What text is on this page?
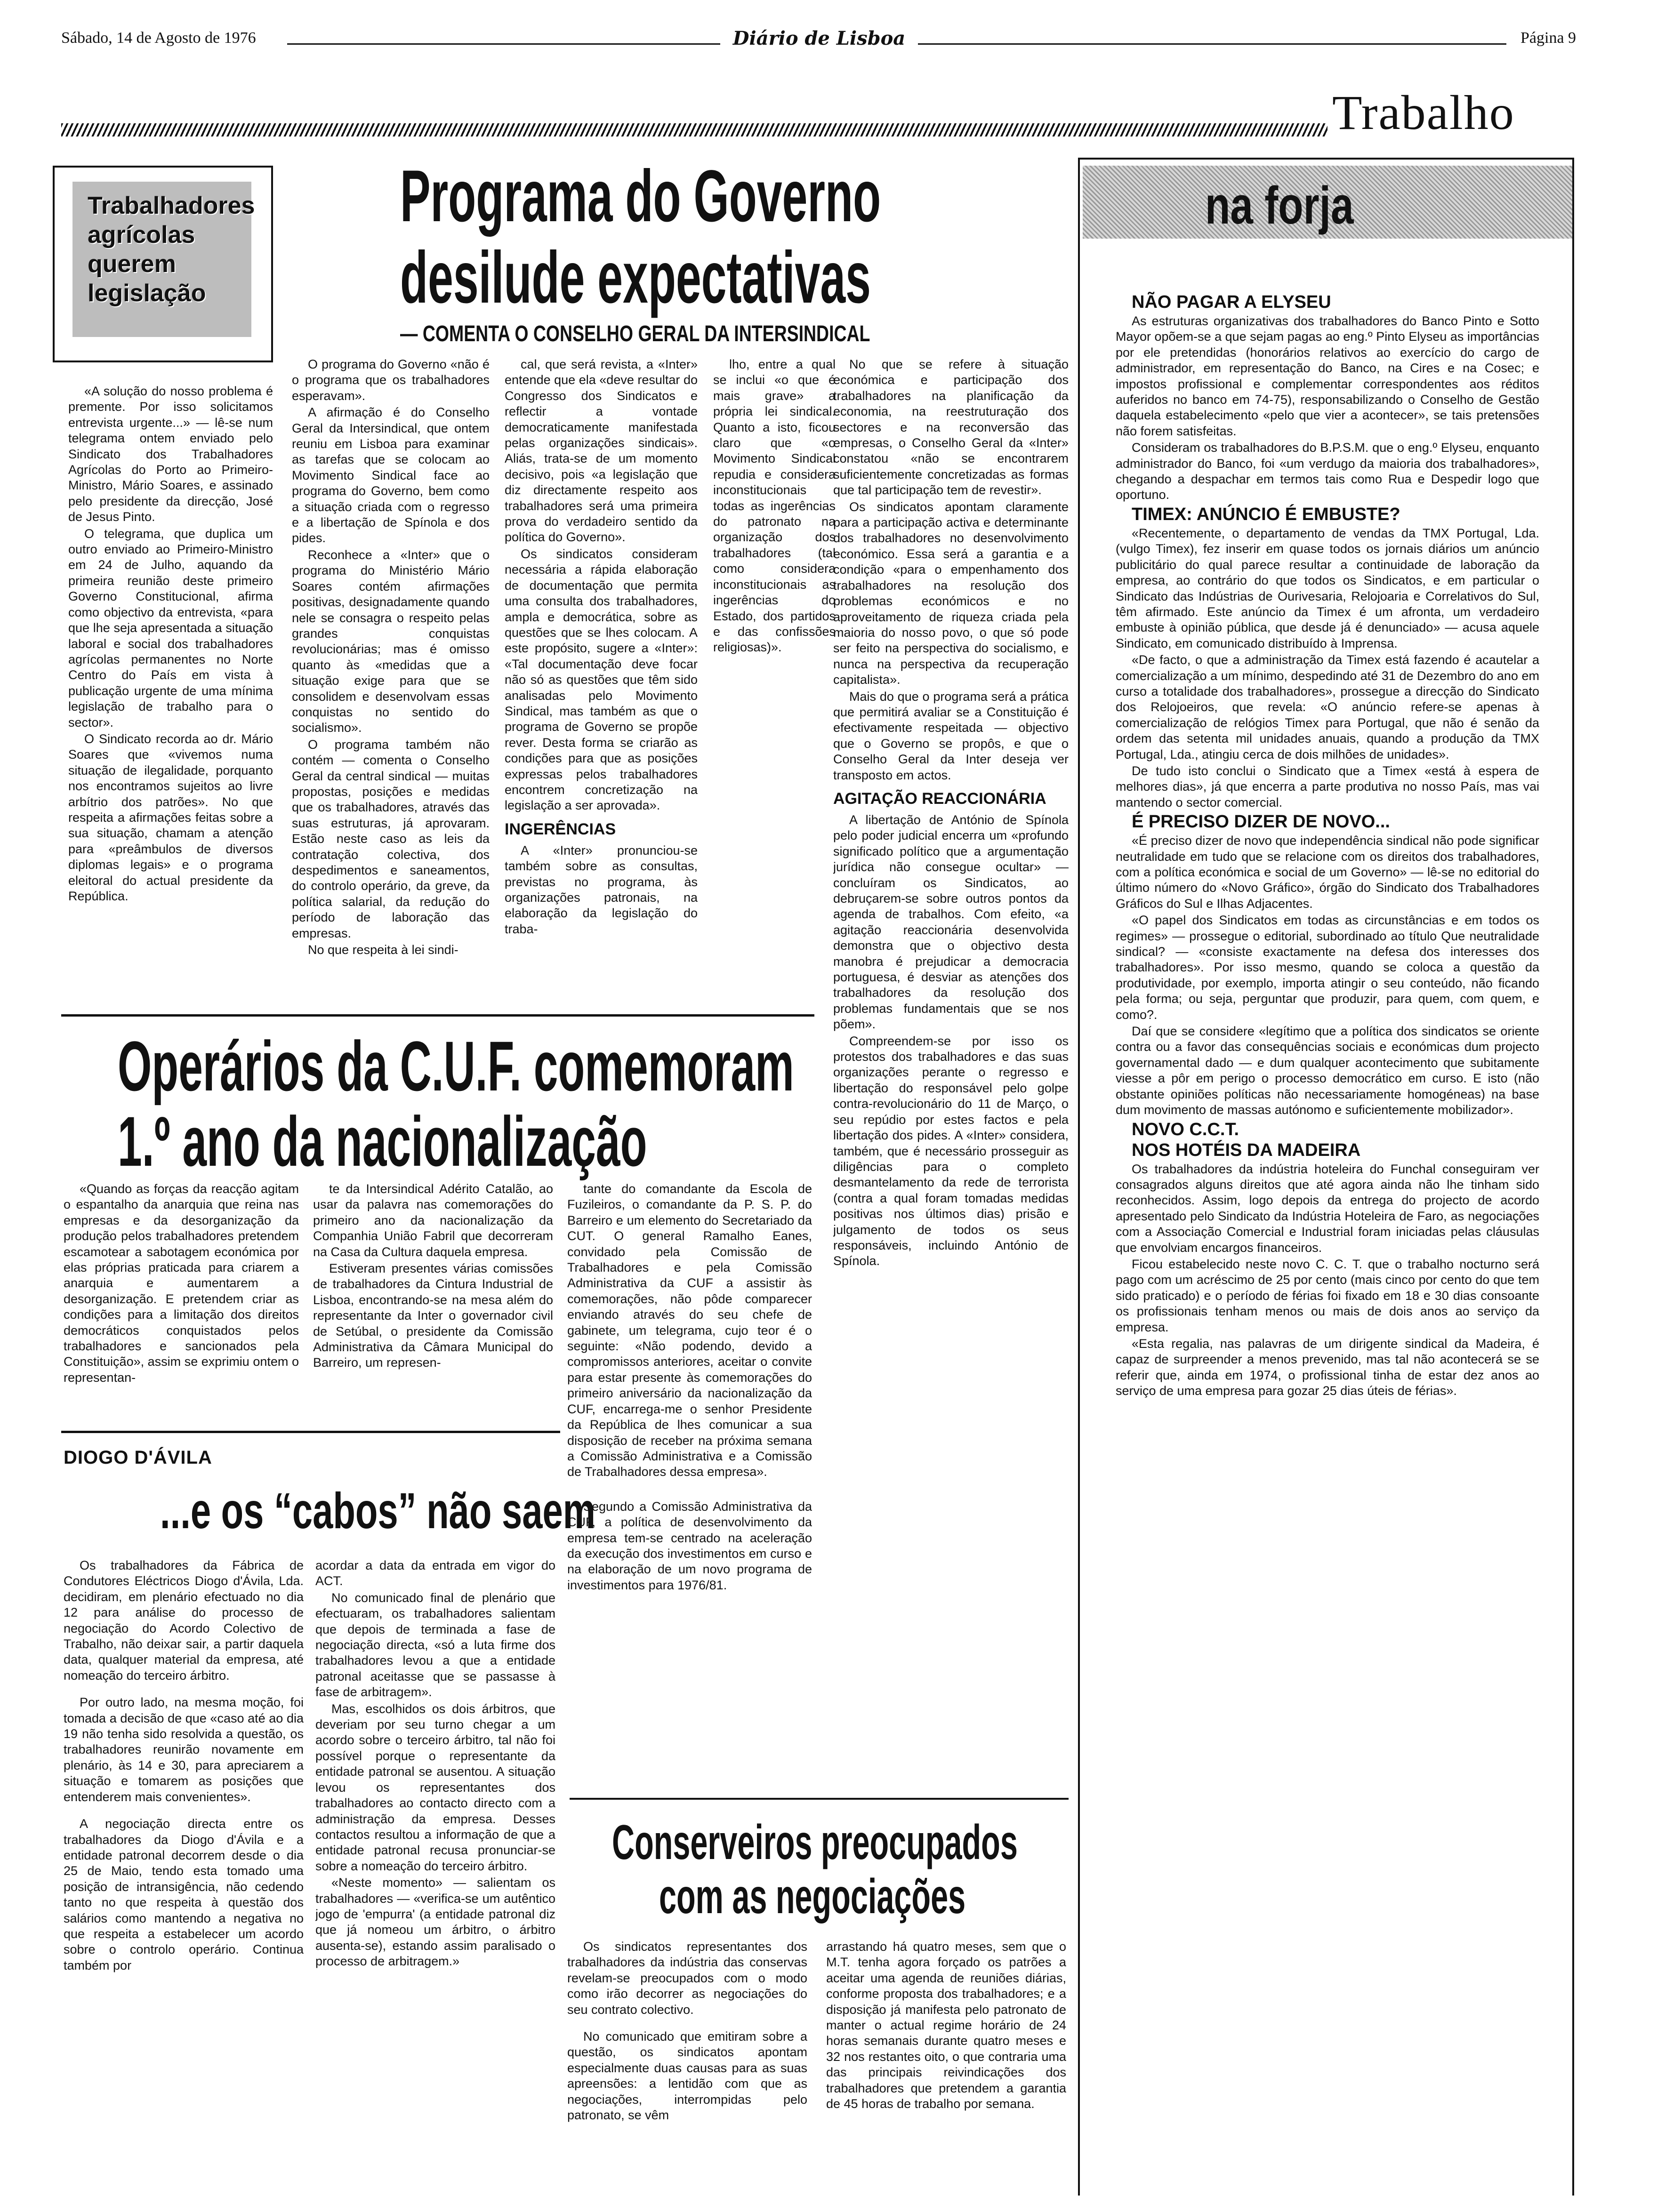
Sábado, 14 de Agosto de 1976	Diário de Lisboa	Página 9
Trabalho
Trabalhadores agrícolas querem legislação

«A solução do nosso problema é premente. Por isso solicitamos entrevista urgente...» — lê-se num telegrama ontem enviado pelo Sindicato dos Trabalhadores Agrícolas do Porto ao Primeiro-Ministro, Mário Soares, e assinado pelo presidente da direcção, José de Jesus Pinto.

O telegrama, que duplica um outro enviado ao Primeiro-Ministro em 24 de Julho, aquando da primeira reunião deste primeiro Governo Constitucional, afirma como objectivo da entrevista, «para que lhe seja apresentada a situação laboral e social dos trabalhadores agrícolas permanentes no Norte Centro do País em vista à publicação urgente de uma mínima legislação de trabalho para o sector».

O Sindicato recorda ao dr. Mário Soares que «vivemos numa situação de ilegalidade, porquanto nos encontramos sujeitos ao livre arbítrio dos patrões». No que respeita a afirmações feitas sobre a sua situação, chamam a atenção para «preâmbulos de diversos diplomas legais» e o programa eleitoral do actual presidente da República.

Programa do Governo
desilude expectativas
— COMENTA O CONSELHO GERAL DA INTERSINDICAL

O programa do Governo «não é o programa que os trabalhadores esperavam».

A afirmação é do Conselho Geral da Intersindical, que ontem reuniu em Lisboa para examinar as tarefas que se colocam ao Movimento Sindical face ao programa do Governo, bem como a situação criada com o regresso e a libertação de Spínola e dos pides.

Reconhece a «Inter» que o programa do Ministério Mário Soares contém afirmações positivas, designadamente quando nele se consagra o respeito pelas grandes conquistas revolucionárias; mas é omisso quanto às «medidas que a situação exige para que se consolidem e desenvolvam essas conquistas no sentido do socialismo».

O programa também não contém — comenta o Conselho Geral da central sindical — muitas propostas, posições e medidas que os trabalhadores, através das suas estruturas, já aprovaram. Estão neste caso as leis da contratação colectiva, dos despedimentos e saneamentos, do controlo operário, da greve, da política salarial, da redução do período de laboração das empresas.

No que respeita à lei sindi-

cal, que será revista, a «Inter» entende que ela «deve resultar do Congresso dos Sindicatos e reflectir a vontade democraticamente manifestada pelas organizações sindicais». Aliás, trata-se de um momento decisivo, pois «a legislação que diz directamente respeito aos trabalhadores será uma primeira prova do verdadeiro sentido da política do Governo».

Os sindicatos consideram necessária a rápida elaboração de documentação que permita uma consulta dos trabalhadores, ampla e democrática, sobre as questões que se lhes colocam. A este propósito, sugere a «Inter»: «Tal documentação deve focar não só as questões que têm sido analisadas pelo Movimento Sindical, mas também as que o programa de Governo se propõe rever. Desta forma se criarão as condições para que as posições expressas pelos trabalhadores encontrem concretização na legislação a ser aprovada».

INGERÊNCIAS

A «Inter» pronunciou-se também sobre as consultas, previstas no programa, às organizações patronais, na elaboração da legislação do traba-

lho, entre a qual se inclui «o que é mais grave» a própria lei sindical. Quanto a isto, ficou claro que «o Movimento Sindical repudia e considera inconstitucionais todas as ingerências do patronato na organização dos trabalhadores (tal como considera inconstitucionais as ingerências do Estado, dos partidos e das confissões religiosas)».

No que se refere à situação económica e participação dos trabalhadores na planificação da economia, na reestruturação dos sectores e na reconversão das empresas, o Conselho Geral da «Inter» constatou «não se encontrarem suficientemente concretizadas as formas que tal participação tem de revestir».

Os sindicatos apontam claramente para a participação activa e determinante dos trabalhadores no desenvolvimento económico. Essa será a garantia e a condição «para o empenhamento dos trabalhadores na resolução dos problemas económicos e no aproveitamento de riqueza criada pela maioria do nosso povo, o que só pode ser feito na perspectiva do socialismo, e nunca na perspectiva da recuperação capitalista».

Mais do que o programa será a prática que permitirá avaliar se a Constituição é efectivamente respeitada — objectivo que o Governo se propôs, e que o Conselho Geral da Inter deseja ver transposto em actos.

AGITAÇÃO REACCIONÁRIA

A libertação de António de Spínola pelo poder judicial encerra um «profundo significado político que a argumentação jurídica não consegue ocultar» — concluíram os Sindicatos, ao debruçarem-se sobre outros pontos da agenda de trabalhos. Com efeito, «a agitação reaccionária desenvolvida demonstra que o objectivo desta manobra é prejudicar a democracia portuguesa, é desviar as atenções dos trabalhadores da resolução dos problemas fundamentais que se nos põem».

Compreendem-se por isso os protestos dos trabalhadores e das suas organizações perante o regresso e libertação do responsável pelo golpe contra-revolucionário do 11 de Março, o seu repúdio por estes factos e pela libertação dos pides. A «Inter» considera, também, que é necessário prosseguir as diligências para o completo desmantelamento da rede de terrorista (contra a qual foram tomadas medidas positivas nos últimos dias) prisão e julgamento de todos os seus responsáveis, incluindo António de Spínola.

Operários da C.U.F. comemoram
1.º ano da nacionalização

«Quando as forças da reacção agitam o espantalho da anarquia que reina nas empresas e da desorganização da produção pelos trabalhadores pretendem escamotear a sabotagem económica por elas próprias praticada para criarem a anarquia e aumentarem a desorganização. E pretendem criar as condições para a limitação dos direitos democráticos conquistados pelos trabalhadores e sancionados pela Constituição», assim se exprimiu ontem o representan-

te da Intersindical Adérito Catalão, ao usar da palavra nas comemorações do primeiro ano da nacionalização da Companhia União Fabril que decorreram na Casa da Cultura daquela empresa.

Estiveram presentes várias comissões de trabalhadores da Cintura Industrial de Lisboa, encontrando-se na mesa além do representante da Inter o governador civil de Setúbal, o presidente da Comissão Administrativa da Câmara Municipal do Barreiro, um represen-

tante do comandante da Escola de Fuzileiros, o comandante da P. S. P. do Barreiro e um elemento do Secretariado da CUT. O general Ramalho Eanes, convidado pela Comissão de Trabalhadores e pela Comissão Administrativa da CUF a assistir às comemorações, não pôde comparecer enviando através do seu chefe de gabinete, um telegrama, cujo teor é o seguinte: «Não podendo, devido a compromissos anteriores, aceitar o convite para estar presente às comemorações do primeiro aniversário da nacionalização da CUF, encarrega-me o senhor Presidente da República de lhes comunicar a sua disposição de receber na próxima semana a Comissão Administrativa e a Comissão de Trabalhadores dessa empresa».

Segundo a Comissão Administrativa da CUF, a política de desenvolvimento da empresa tem-se centrado na aceleração da execução dos investimentos em curso e na elaboração de um novo programa de investimentos para 1976/81.

DIOGO D'ÁVILA
...e os “cabos” não saem

Os trabalhadores da Fábrica de Condutores Eléctricos Diogo d'Ávila, Lda. decidiram, em plenário efectuado no dia 12 para análise do processo de negociação do Acordo Colectivo de Trabalho, não deixar sair, a partir daquela data, qualquer material da empresa, até nomeação do terceiro árbitro.

Por outro lado, na mesma moção, foi tomada a decisão de que «caso até ao dia 19 não tenha sido resolvida a questão, os trabalhadores reunirão novamente em plenário, às 14 e 30, para apreciarem a situação e tomarem as posições que entenderem mais convenientes».

A negociação directa entre os trabalhadores da Diogo d'Ávila e a entidade patronal decorrem desde o dia 25 de Maio, tendo esta tomado uma posição de intransigência, não cedendo tanto no que respeita à questão dos salários como mantendo a negativa no que respeita a estabelecer um acordo sobre o controlo operário. Continua também por

acordar a data da entrada em vigor do ACT.

No comunicado final de plenário que efectuaram, os trabalhadores salientam que depois de terminada a fase de negociação directa, «só a luta firme dos trabalhadores levou a que a entidade patronal aceitasse que se passasse à fase de arbitragem».

Mas, escolhidos os dois árbitros, que deveriam por seu turno chegar a um acordo sobre o terceiro árbitro, tal não foi possível porque o representante da entidade patronal se ausentou. A situação levou os representantes dos trabalhadores ao contacto directo com a administração da empresa. Desses contactos resultou a informação de que a entidade patronal recusa pronunciar-se sobre a nomeação do terceiro árbitro.

«Neste momento» — salientam os trabalhadores — «verifica-se um autêntico jogo de 'empurra' (a entidade patronal diz que já nomeou um árbitro, o árbitro ausenta-se), estando assim paralisado o processo de arbitragem.»

Conserveiros preocupados
com as negociações

Os sindicatos representantes dos trabalhadores da indústria das conservas revelam-se preocupados com o modo como irão decorrer as negociações do seu contrato colectivo.

No comunicado que emitiram sobre a questão, os sindicatos apontam especialmente duas causas para as suas apreensões: a lentidão com que as negociações, interrompidas pelo patronato, se vêm

arrastando há quatro meses, sem que o M.T. tenha agora forçado os patrões a aceitar uma agenda de reuniões diárias, conforme proposta dos trabalhadores; e a disposição já manifesta pelo patronato de manter o actual regime horário de 24 horas semanais durante quatro meses e 32 nos restantes oito, o que contraria uma das principais reivindicações dos trabalhadores que pretendem a garantia de 45 horas de trabalho por semana.

na forja

NÃO PAGAR A ELYSEU

As estruturas organizativas dos trabalhadores do Banco Pinto e Sotto Mayor opõem-se a que sejam pagas ao eng.º Pinto Elyseu as importâncias por ele pretendidas (honorários relativos ao exercício do cargo de administrador, em representação do Banco, na Cires e na Cosec; e impostos profissional e complementar correspondentes aos réditos auferidos no banco em 74-75), responsabilizando o Conselho de Gestão daquela estabelecimento «pelo que vier a acontecer», se tais pretensões não forem satisfeitas.

Consideram os trabalhadores do B.P.S.M. que o eng.º Elyseu, enquanto administrador do Banco, foi «um verdugo da maioria dos trabalhadores», chegando a despachar em termos tais como Rua e Despedir logo que oportuno.

TIMEX: ANÚNCIO É EMBUSTE?

«Recentemente, o departamento de vendas da TMX Portugal, Lda. (vulgo Timex), fez inserir em quase todos os jornais diários um anúncio publicitário do qual parece resultar a continuidade de laboração da empresa, ao contrário do que todos os Sindicatos, e em particular o Sindicato das Indústrias de Ourivesaria, Relojoaria e Correlativos do Sul, têm afirmado. Este anúncio da Timex é um afronta, um verdadeiro embuste à opinião pública, que desde já é denunciado» — acusa aquele Sindicato, em comunicado distribuído à Imprensa.

«De facto, o que a administração da Timex está fazendo é acautelar a comercialização a um mínimo, despedindo até 31 de Dezembro do ano em curso a totalidade dos trabalhadores», prossegue a direcção do Sindicato dos Relojoeiros, que revela: «O anúncio refere-se apenas à comercialização de relógios Timex para Portugal, que não é senão da ordem das setenta mil unidades anuais, quando a produção da TMX Portugal, Lda., atingiu cerca de dois milhões de unidades».

De tudo isto conclui o Sindicato que a Timex «está à espera de melhores dias», já que encerra a parte produtiva no nosso País, mas vai mantendo o sector comercial.

É PRECISO DIZER DE NOVO...

«É preciso dizer de novo que independência sindical não pode significar neutralidade em tudo que se relacione com os direitos dos trabalhadores, com a política económica e social de um Governo» — lê-se no editorial do último número do «Novo Gráfico», órgão do Sindicato dos Trabalhadores Gráficos do Sul e Ilhas Adjacentes.

«O papel dos Sindicatos em todas as circunstâncias e em todos os regimes» — prossegue o editorial, subordinado ao título Que neutralidade sindical? — «consiste exactamente na defesa dos interesses dos trabalhadores». Por isso mesmo, quando se coloca a questão da produtividade, por exemplo, importa atingir o seu conteúdo, não ficando pela forma; ou seja, perguntar que produzir, para quem, com quem, e como?.

Daí que se considere «legítimo que a política dos sindicatos se oriente contra ou a favor das consequências sociais e económicas dum projecto governamental dado — e dum qualquer acontecimento que subitamente viesse a pôr em perigo o processo democrático em curso. E isto (não obstante opiniões políticas não necessariamente homogéneas) na base dum movimento de massas autónomo e suficientemente mobilizador».

NOVO C.C.T.

NOS HOTÉIS DA MADEIRA

Os trabalhadores da indústria hoteleira do Funchal conseguiram ver consagrados alguns direitos que até agora ainda não lhe tinham sido reconhecidos. Assim, logo depois da entrega do projecto de acordo apresentado pelo Sindicato da Indústria Hoteleira de Faro, as negociações com a Associação Comercial e Industrial foram iniciadas pelas cláusulas que envolviam encargos financeiros.

Ficou estabelecido neste novo C. C. T. que o trabalho nocturno será pago com um acréscimo de 25 por cento (mais cinco por cento do que tem sido praticado) e o período de férias foi fixado em 18 e 30 dias consoante os profissionais tenham menos ou mais de dois anos ao serviço da empresa.

«Esta regalia, nas palavras de um dirigente sindical da Madeira, é capaz de surpreender a menos prevenido, mas tal não acontecerá se se referir que, ainda em 1974, o profissional tinha de estar dez anos ao serviço de uma empresa para gozar 25 dias úteis de férias».
